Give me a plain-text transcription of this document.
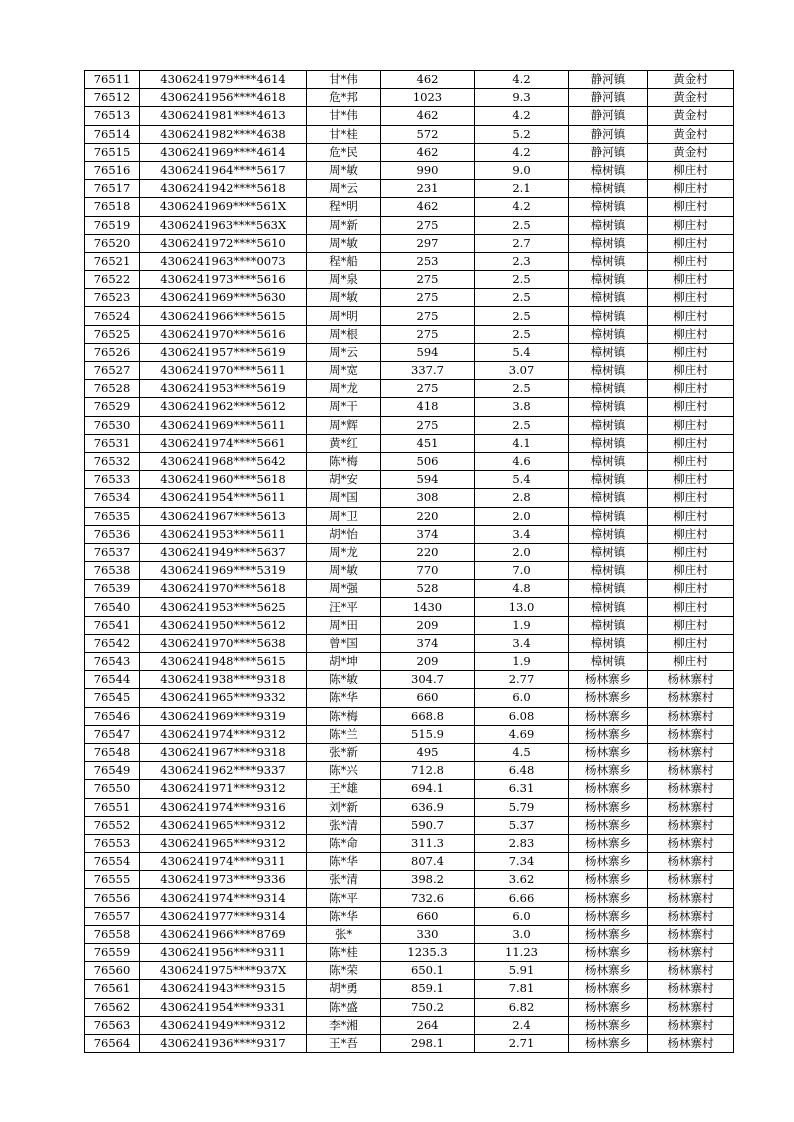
76511	4306241979****4614	甘*伟	462	4.2	静河镇	黄金村
76512	4306241956****4618	危*邦	1023	9.3	静河镇	黄金村
76513	4306241981****4613	甘*伟	462	4.2	静河镇	黄金村
76514	4306241982****4638	甘*桂	572	5.2	静河镇	黄金村
76515	4306241969****4614	危*民	462	4.2	静河镇	黄金村
76516	4306241964****5617	周*敏	990	9.0	樟树镇	柳庄村
76517	4306241942****5618	周*云	231	2.1	樟树镇	柳庄村
76518	4306241969****561X	程*明	462	4.2	樟树镇	柳庄村
76519	4306241963****563X	周*新	275	2.5	樟树镇	柳庄村
76520	4306241972****5610	周*敏	297	2.7	樟树镇	柳庄村
76521	4306241963****0073	程*船	253	2.3	樟树镇	柳庄村
76522	4306241973****5616	周*泉	275	2.5	樟树镇	柳庄村
76523	4306241969****5630	周*敏	275	2.5	樟树镇	柳庄村
76524	4306241966****5615	周*明	275	2.5	樟树镇	柳庄村
76525	4306241970****5616	周*根	275	2.5	樟树镇	柳庄村
76526	4306241957****5619	周*云	594	5.4	樟树镇	柳庄村
76527	4306241970****5611	周*宽	337.7	3.07	樟树镇	柳庄村
76528	4306241953****5619	周*龙	275	2.5	樟树镇	柳庄村
76529	4306241962****5612	周*干	418	3.8	樟树镇	柳庄村
76530	4306241969****5611	周*辉	275	2.5	樟树镇	柳庄村
76531	4306241974****5661	黄*红	451	4.1	樟树镇	柳庄村
76532	4306241968****5642	陈*梅	506	4.6	樟树镇	柳庄村
76533	4306241960****5618	胡*安	594	5.4	樟树镇	柳庄村
76534	4306241954****5611	周*国	308	2.8	樟树镇	柳庄村
76535	4306241967****5613	周*卫	220	2.0	樟树镇	柳庄村
76536	4306241953****5611	胡*怡	374	3.4	樟树镇	柳庄村
76537	4306241949****5637	周*龙	220	2.0	樟树镇	柳庄村
76538	4306241969****5319	周*敏	770	7.0	樟树镇	柳庄村
76539	4306241970****5618	周*强	528	4.8	樟树镇	柳庄村
76540	4306241953****5625	汪*平	1430	13.0	樟树镇	柳庄村
76541	4306241950****5612	周*田	209	1.9	樟树镇	柳庄村
76542	4306241970****5638	曾*国	374	3.4	樟树镇	柳庄村
76543	4306241948****5615	胡*坤	209	1.9	樟树镇	柳庄村
76544	4306241938****9318	陈*敏	304.7	2.77	杨林寨乡	杨林寨村
76545	4306241965****9332	陈*华	660	6.0	杨林寨乡	杨林寨村
76546	4306241969****9319	陈*梅	668.8	6.08	杨林寨乡	杨林寨村
76547	4306241974****9312	陈*兰	515.9	4.69	杨林寨乡	杨林寨村
76548	4306241967****9318	张*新	495	4.5	杨林寨乡	杨林寨村
76549	4306241962****9337	陈*兴	712.8	6.48	杨林寨乡	杨林寨村
76550	4306241971****9312	王*雄	694.1	6.31	杨林寨乡	杨林寨村
76551	4306241974****9316	刘*新	636.9	5.79	杨林寨乡	杨林寨村
76552	4306241965****9312	张*清	590.7	5.37	杨林寨乡	杨林寨村
76553	4306241965****9312	陈*命	311.3	2.83	杨林寨乡	杨林寨村
76554	4306241974****9311	陈*华	807.4	7.34	杨林寨乡	杨林寨村
76555	4306241973****9336	张*清	398.2	3.62	杨林寨乡	杨林寨村
76556	4306241974****9314	陈*平	732.6	6.66	杨林寨乡	杨林寨村
76557	4306241977****9314	陈*华	660	6.0	杨林寨乡	杨林寨村
76558	4306241966****8769	张*	330	3.0	杨林寨乡	杨林寨村
76559	4306241956****9311	陈*桂	1235.3	11.23	杨林寨乡	杨林寨村
76560	4306241975****937X	陈*荣	650.1	5.91	杨林寨乡	杨林寨村
76561	4306241943****9315	胡*勇	859.1	7.81	杨林寨乡	杨林寨村
76562	4306241954****9331	陈*盛	750.2	6.82	杨林寨乡	杨林寨村
76563	4306241949****9312	李*湘	264	2.4	杨林寨乡	杨林寨村
76564	4306241936****9317	王*吾	298.1	2.71	杨林寨乡	杨林寨村
